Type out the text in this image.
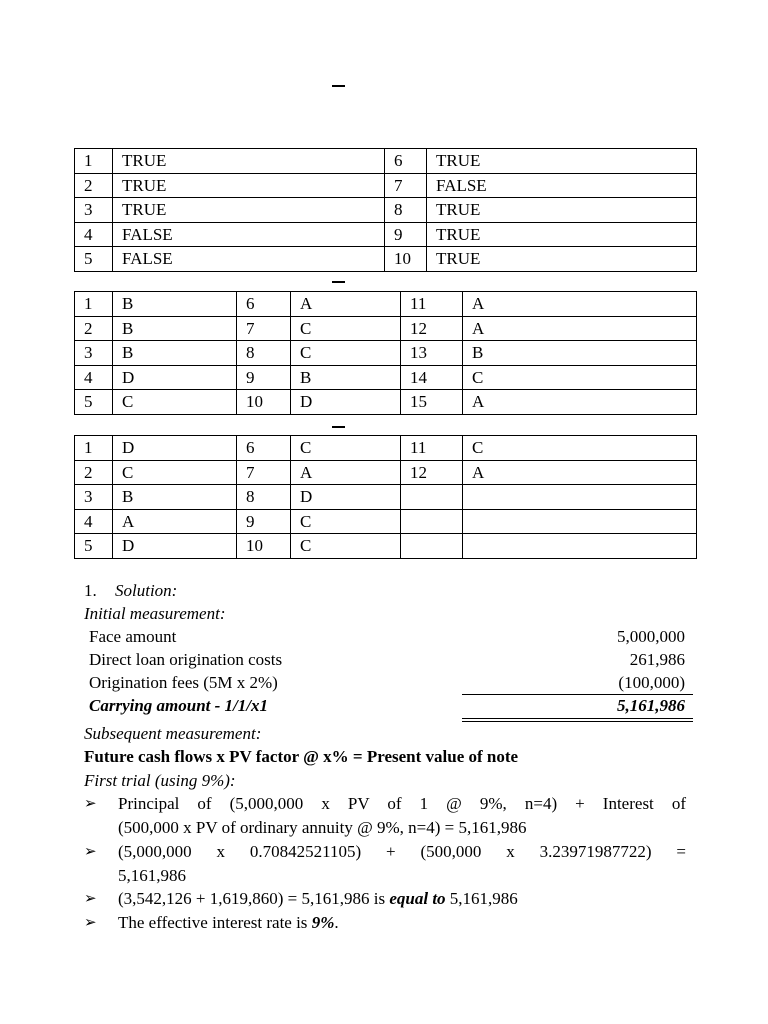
1	TRUE	6	TRUE
2	TRUE	7	FALSE
3	TRUE	8	TRUE
4	FALSE	9	TRUE
5	FALSE	10	TRUE
1	B	6	A	11	A
2	B	7	C	12	A
3	B	8	C	13	B
4	D	9	B	14	C
5	C	10	D	15	A
1	D	6	C	11	C
2	C	7	A	12	A
3	B	8	D		
4	A	9	C		
5	D	10	C		
1. Solution:
Initial measurement:
Face amount	5,000,000
Direct loan origination costs	261,986
Origination fees (5M x 2%)	(100,000)
Carrying amount - 1/1/x1	5,161,986
Subsequent measurement:
Future cash flows x PV factor @ x% = Present value of note
First trial (using 9%):
➢ Principal of (5,000,000 x PV of 1 @ 9%, n=4) + Interest of
(500,000 x PV of ordinary annuity @ 9%, n=4) = 5,161,986
➢ (5,000,000 x 0.70842521105) + (500,000 x 3.23971987722) =
5,161,986
➢ (3,542,126 + 1,619,860) = 5,161,986 is equal to 5,161,986
➢ The effective interest rate is 9%.
